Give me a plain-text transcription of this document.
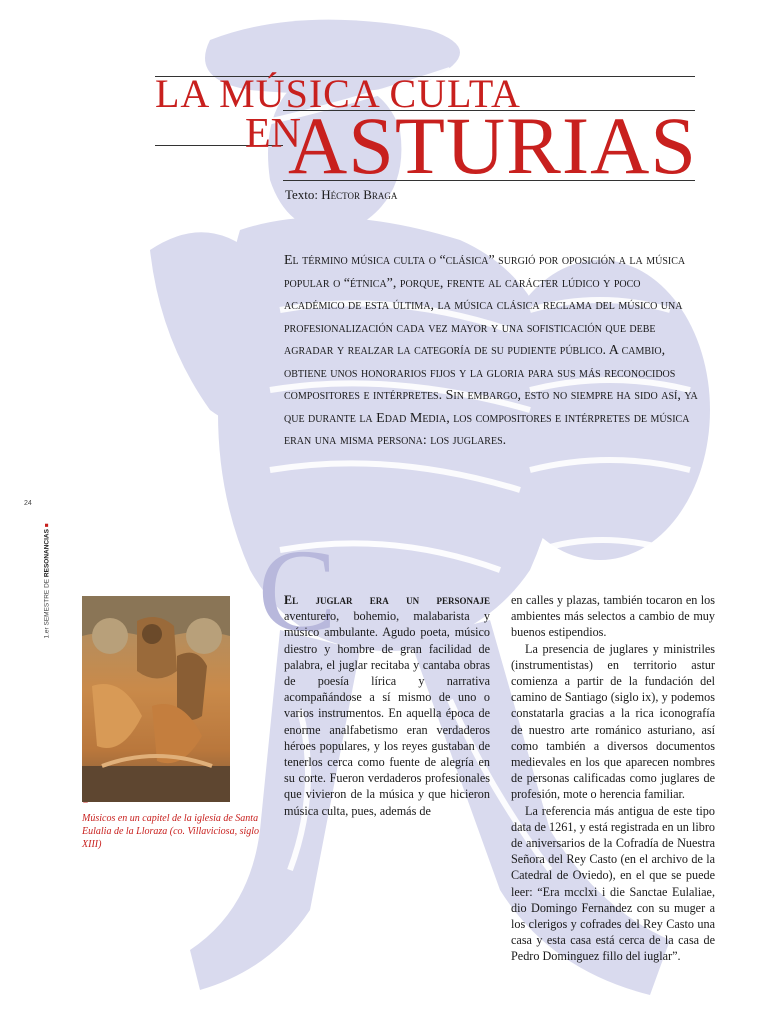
LA MÚSICA CULTA
EN
ASTURIAS
Texto: Héctor Braga
El término música culta o “clásica” surgió por oposición a la música popular o “étnica”, porque, frente al carácter lúdico y poco académico de esta última, la música clásica reclama del músico una profesionalización cada vez mayor y una sofisticación que debe agradar y realzar la categoría de su pudiente público. A cambio, obtiene unos honorarios fijos y la gloria para sus más reconocidos compositores e intérpretes. Sin embargo, esto no siempre ha sido así, ya que durante la Edad Media, los compositores e intérpretes de música eran una misma persona: los juglares.
24
1.er SEMESTRE DE RESONANCIAS ■
Músicos en un capitel de la iglesia de Santa Eulalia de la Lloraza (co. Villaviciosa, siglo XIII)
C
El juglar era un personaje aventurero, bohemio, malabarista y músico ambulante. Agudo poeta, músico diestro y hombre de gran facilidad de palabra, el juglar recitaba y cantaba obras de poesía lírica y narrativa acompañándose a sí mismo de uno o varios instrumentos. En aquella época de enorme analfabetismo eran verdaderos héroes populares, y los reyes gustaban de tenerlos cerca como fuente de alegría en su corte. Fueron verdaderos profesionales que vivieron de la música y que hicieron música culta, pues, además de

en calles y plazas, también tocaron en los ambientes más selectos a cambio de muy buenos estipendios.

La presencia de juglares y ministriles (instrumentistas) en territorio astur comienza a partir de la fundación del camino de Santiago (siglo ix), y podemos constatarla gracias a la rica iconografía de nuestro arte románico asturiano, así como también a diversos documentos medievales en los que aparecen nombres de personas calificadas como juglares de profesión, mote o herencia familiar.

La referencia más antigua de este tipo data de 1261, y está registrada en un libro de aniversarios de la Cofradía de Nuestra Señora del Rey Casto (en el archivo de la Catedral de Oviedo), en el que se puede leer: “Era mcclxi i die Sanctae Eulaliae, dio Domingo Fernandez con su muger a los clerigos y cofrades del Rey Casto una casa y esta casa está cerca de la casa de Pedro Dominguez fillo del iuglar”.
